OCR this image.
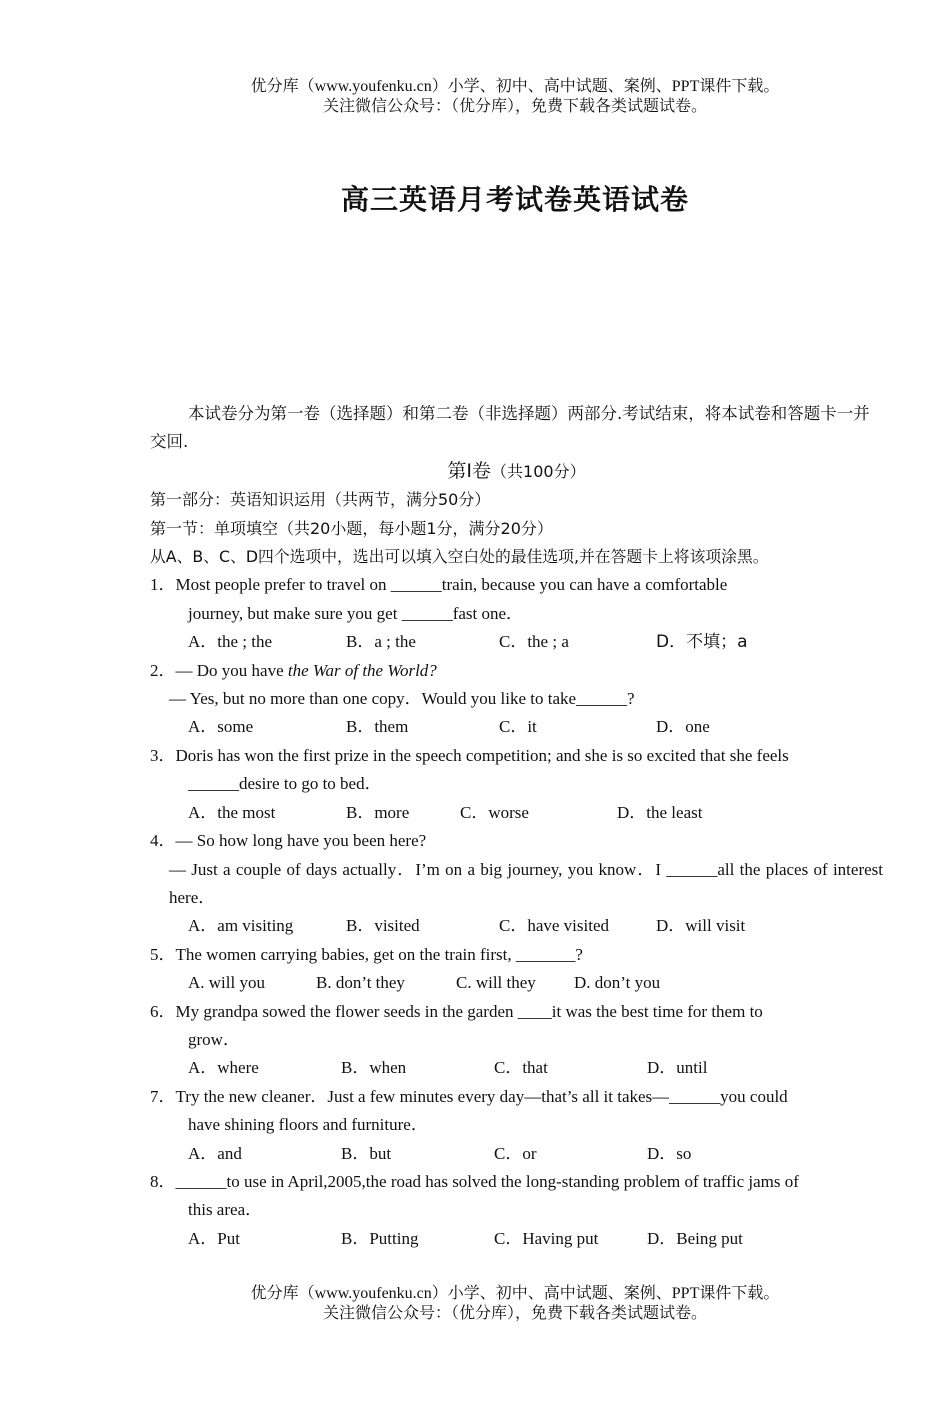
优分库（www.youfenku.cn）小学、初中、高中试题、案例、PPT课件下载。

关注微信公众号：（优分库），免费下载各类试题试卷。

高三英语月考试卷英语试卷

本试卷分为第一卷（选择题）和第二卷（非选择题）两部分.考试结束，将本试卷和答题卡一并交回.

第Ⅰ卷（共100分）

第一部分：英语知识运用（共两节，满分50分）

第一节：单项填空（共20小题，每小题1分，满分20分）

从A、B、C、D四个选项中，选出可以填入空白处的最佳选项,并在答题卡上将该项涂黑。

1．Most people prefer to travel on ______train, because you can have a comfortable

journey, but make sure you get ______fast one．

A．the ; the	B．a ; the	C．the ; a	D．不填；a

2．— Do you have the War of the World?

— Yes, but no more than one copy．Would you like to take______?

A．some	B．them	C．it	D．one

3．Doris has won the first prize in the speech competition; and she is so excited that she feels

______desire to go to bed．

A．the most	B．more	C．worse	D．the least

4．— So how long have you been here?

— Just a couple of days actually．I’m on a big journey, you know．I ______all the places of interest here．

A．am visiting	B．visited	C．have visited	D．will visit

5．The women carrying babies, get on the train first, _______?

A. will you	B. don’t they	C. will they	D. don’t you

6．My grandpa sowed the flower seeds in the garden ____it was the best time for them to

grow．

A．where	B．when	C．that	D．until

7．Try the new cleaner．Just a few minutes every day—that’s all it takes—______you could

have shining floors and furniture．

A．and	B．but	C．or	D．so

8．______to use in April,2005,the road has solved the long-standing problem of traffic jams of

this area．

A．Put	B．Putting	C．Having put	D．Being put

优分库（www.youfenku.cn）小学、初中、高中试题、案例、PPT课件下载。

关注微信公众号：（优分库），免费下载各类试题试卷。
